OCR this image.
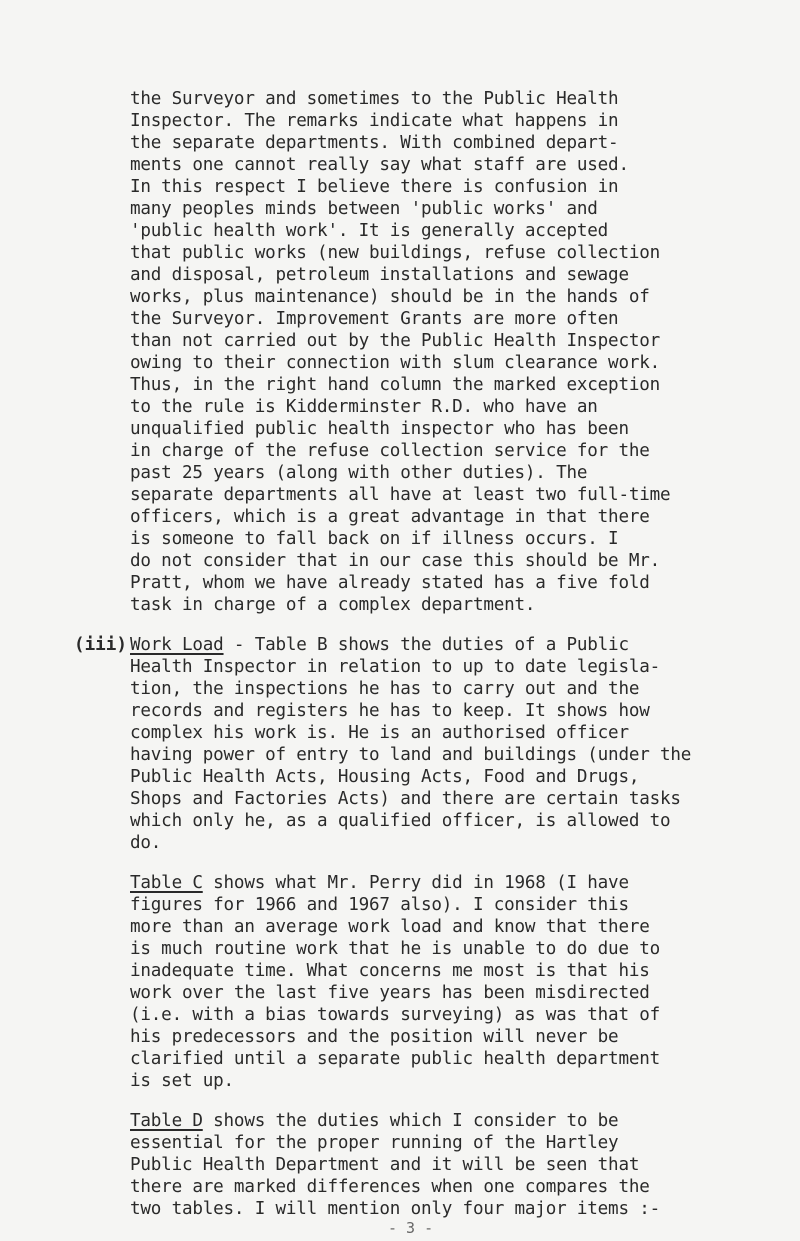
the Surveyor and sometimes to the Public Health
Inspector. The remarks indicate what happens in
the separate departments. With combined depart-
ments one cannot really say what staff are used.
In this respect I believe there is confusion in
many peoples minds between 'public works' and
'public health work'. It is generally accepted
that public works (new buildings, refuse collection
and disposal, petroleum installations and sewage
works, plus maintenance) should be in the hands of
the Surveyor. Improvement Grants are more often
than not carried out by the Public Health Inspector
owing to their connection with slum clearance work.
Thus, in the right hand column the marked exception
to the rule is Kidderminster R.D. who have an
unqualified public health inspector who has been
in charge of the refuse collection service for the
past 25 years (along with other duties). The
separate departments all have at least two full-time
officers, which is a great advantage in that there
is someone to fall back on if illness occurs. I
do not consider that in our case this should be Mr.
Pratt, whom we have already stated has a five fold
task in charge of a complex department.
(iii) Work Load - Table B shows the duties of a Public
Health Inspector in relation to up to date legisla-
tion, the inspections he has to carry out and the
records and registers he has to keep. It shows how
complex his work is. He is an authorised officer
having power of entry to land and buildings (under the
Public Health Acts, Housing Acts, Food and Drugs,
Shops and Factories Acts) and there are certain tasks
which only he, as a qualified officer, is allowed to
do.
Table C shows what Mr. Perry did in 1968 (I have
figures for 1966 and 1967 also). I consider this
more than an average work load and know that there
is much routine work that he is unable to do due to
inadequate time. What concerns me most is that his
work over the last five years has been misdirected
(i.e. with a bias towards surveying) as was that of
his predecessors and the position will never be
clarified until a separate public health department
is set up.
Table D shows the duties which I consider to be
essential for the proper running of the Hartley
Public Health Department and it will be seen that
there are marked differences when one compares the
two tables. I will mention only four major items :-
- 3 -
